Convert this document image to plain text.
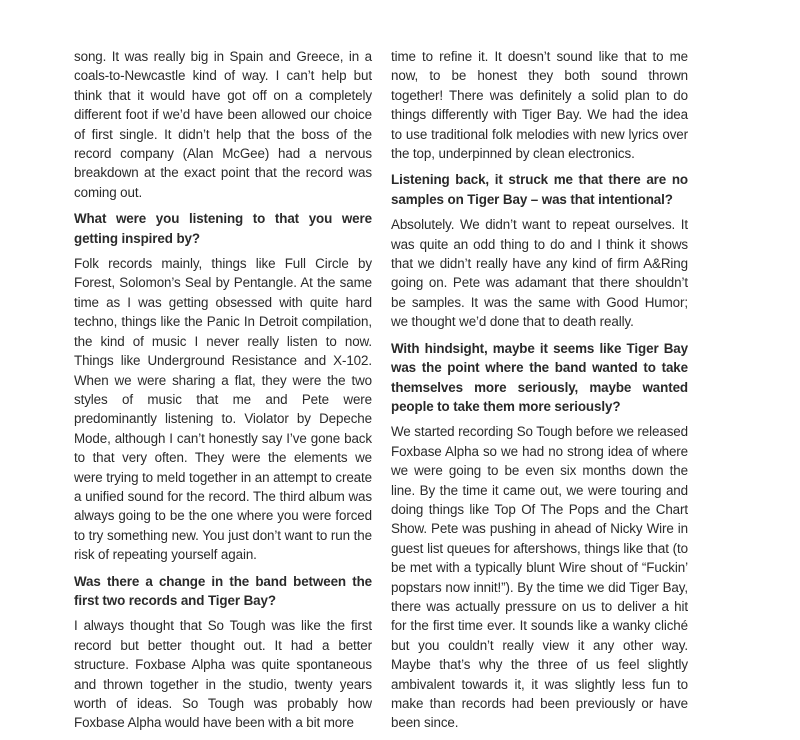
song. It was really big in Spain and Greece, in a coals-to-Newcastle kind of way. I can’t help but think that it would have got off on a completely different foot if we’d have been allowed our choice of first single. It didn’t help that the boss of the record company (Alan McGee) had a nervous breakdown at the exact point that the record was coming out.

What were you listening to that you were getting inspired by?

Folk records mainly, things like Full Circle by Forest, Solomon’s Seal by Pentangle. At the same time as I was getting obsessed with quite hard techno, things like the Panic In Detroit compilation, the kind of music I never really listen to now. Things like Underground Resistance and X-102. When we were sharing a flat, they were the two styles of music that me and Pete were predominantly listening to. Violator by Depeche Mode, although I can’t honestly say I’ve gone back to that very often. They were the elements we were trying to meld together in an attempt to create a unified sound for the record. The third album was always going to be the one where you were forced to try something new. You just don’t want to run the risk of repeating yourself again.

Was there a change in the band between the first two records and Tiger Bay?

I always thought that So Tough was like the first record but better thought out. It had a better structure. Foxbase Alpha was quite spontaneous and thrown together in the studio, twenty years worth of ideas. So Tough was probably how Foxbase Alpha would have been with a bit more

time to refine it. It doesn’t sound like that to me now, to be honest they both sound thrown together! There was definitely a solid plan to do things differently with Tiger Bay. We had the idea to use traditional folk melodies with new lyrics over the top, underpinned by clean electronics.

Listening back, it struck me that there are no samples on Tiger Bay – was that intentional?

Absolutely. We didn’t want to repeat ourselves. It was quite an odd thing to do and I think it shows that we didn’t really have any kind of firm A&Ring going on. Pete was adamant that there shouldn’t be samples. It was the same with Good Humor; we thought we’d done that to death really.

With hindsight, maybe it seems like Tiger Bay was the point where the band wanted to take themselves more seriously, maybe wanted people to take them more seriously?

We started recording So Tough before we released Foxbase Alpha so we had no strong idea of where we were going to be even six months down the line. By the time it came out, we were touring and doing things like Top Of The Pops and the Chart Show. Pete was pushing in ahead of Nicky Wire in guest list queues for aftershows, things like that (to be met with a typically blunt Wire shout of “Fuckin’ popstars now innit!”). By the time we did Tiger Bay, there was actually pressure on us to deliver a hit for the first time ever. It sounds like a wanky cliché but you couldn’t really view it any other way. Maybe that’s why the three of us feel slightly ambivalent towards it, it was slightly less fun to make than records had been previously or have been since.
